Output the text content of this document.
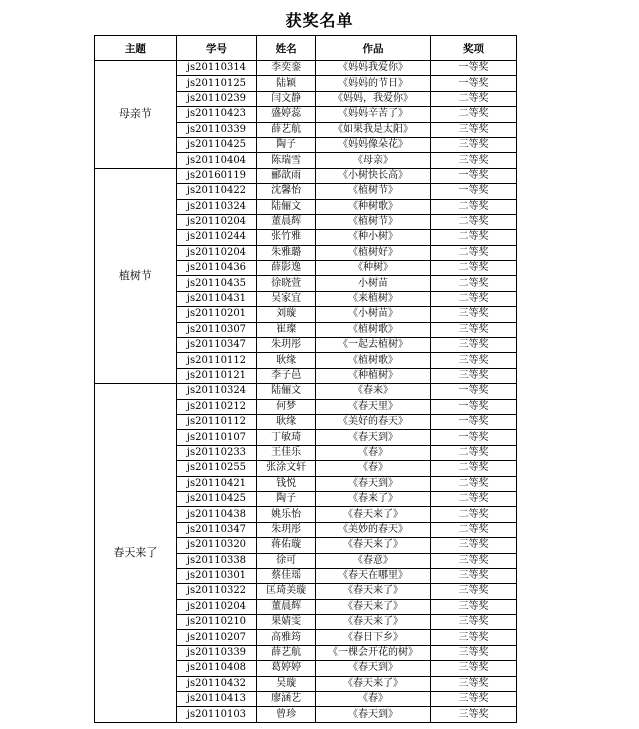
获奖名单
主题	学号	姓名	作品	奖项
母亲节	js20110314	李奕銮	《妈妈我爱你》	一等奖
	js20110125	陆颖	《妈妈的节日》	一等奖
	js20110239	闫文静	《妈妈，我爱你》	二等奖
	js20110423	盛婷蕊	《妈妈辛苦了》	二等奖
	js20110339	薛艺航	《如果我是太阳》	三等奖
	js20110425	陶子	《妈妈像朵花》	三等奖
	js20110404	陈瑞雪	《母亲》	三等奖
植树节	js20160119	郦歆雨	《小树快长高》	一等奖
	js20110422	沈馨怡	《植树节》	一等奖
	js20110324	陆俪文	《种树歌》	二等奖
	js20110204	董晨辉	《植树节》	二等奖
	js20110244	张竹雅	《种小树》	二等奖
	js20110204	朱雅璐	《植树好》	二等奖
	js20110436	薛影逸	《种树》	二等奖
	js20110435	徐晓萱	小树苗	二等奖
	js20110431	吴家宜	《来植树》	二等奖
	js20110201	刘璇	《小树苗》	三等奖
	js20110307	崔璨	《植树歌》	三等奖
	js20110347	朱玥彤	《一起去植树》	三等奖
	js20110112	耿缘	《植树歌》	三等奖
	js20110121	李子邑	《种植树》	三等奖
春天来了	js20110324	陆俪文	《春来》	一等奖
	js20110212	何梦	《春天里》	一等奖
	js20110112	耿缘	《美好的春天》	一等奖
	js20110107	丁敏琦	《春天到》	一等奖
	js20110233	王佳乐	《春》	二等奖
	js20110255	张涂文轩	《春》	二等奖
	js20110421	钱悦	《春天到》	二等奖
	js20110425	陶子	《春来了》	二等奖
	js20110438	姚乐怡	《春天来了》	二等奖
	js20110347	朱玥彤	《美妙的春天》	二等奖
	js20110320	蒋佑璇	《春天来了》	三等奖
	js20110338	徐可	《春意》	三等奖
	js20110301	蔡佳瑶	《春天在哪里》	三等奖
	js20110322	匡琦美璇	《春天来了》	三等奖
	js20110204	董晨辉	《春天来了》	三等奖
	js20110210	果婧雯	《春天来了》	三等奖
	js20110207	高雅筠	《春日下乡》	三等奖
	js20110339	薛艺航	《一棵会开花的树》	三等奖
	js20110408	葛婷婷	《春天到》	三等奖
	js20110432	吴璇	《春天来了》	三等奖
	js20110413	廖涵艺	《春》	三等奖
	js20110103	曾珍	《春天到》	三等奖
